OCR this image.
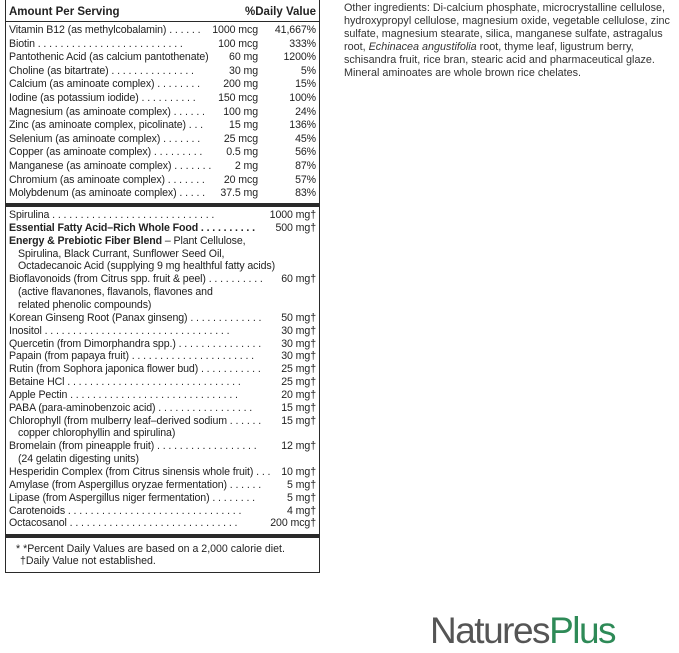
Amount Per Serving	%Daily Value
Vitamin B12 (as methylcobalamin) . . . . . . 1000 mcg 41,667%
Biotin . . . . . . . . . . . . . . . . . . . . . . . . . .	100 mcg	333%
Pantothenic Acid (as calcium pantothenate) 60 mg 1200%
Choline (as bitartrate) . . . . . . . . . . . . . . .	30 mg	5%
Calcium (as aminoate complex) . . . . . . . . 200 mg	15%
Iodine (as potassium iodide) . . . . . . . . . . 150 mcg	100%
Magnesium (as aminoate complex) . . . . . . 100 mg	24%
Zinc (as aminoate complex, picolinate) . . . 15 mg	136%
Selenium (as aminoate complex) . . . . . . . 25 mcg	45%
Copper (as aminoate complex) . . . . . . . . . 0.5 mg	56%
Manganese (as aminoate complex) . . . . . . . 2 mg	87%
Chromium (as aminoate complex) . . . . . . . 20 mcg	57%
Molybdenum (as aminoate complex) . . . . . 37.5 mg	83%
Spirulina . . . . . . . . . . . . . . . . . . . . . . . . . . . . .	1000 mg†
Essential Fatty Acid–Rich Whole Food . . . . . . . . . . 500 mg†
Energy & Prebiotic Fiber Blend – Plant Cellulose,
Spirulina, Black Currant, Sunflower Seed Oil,
Octadecanoic Acid (supplying 9 mg healthful fatty acids)
Bioflavonoids (from Citrus spp. fruit & peel) . . . . . . . . . . 60 mg†
(active flavanones, flavanols, flavones and
related phenolic compounds)
Korean Ginseng Root (Panax ginseng) . . . . . . . . . . . . . 50 mg†
Inositol . . . . . . . . . . . . . . . . . . . . . . . . . . . . . . . . .	30 mg†
Quercetin (from Dimorphandra spp.) . . . . . . . . . . . . . . . 30 mg†
Papain (from papaya fruit) . . . . . . . . . . . . . . . . . . . . . .	30 mg†
Rutin (from Sophora japonica flower bud) . . . . . . . . . . . 25 mg†
Betaine HCl . . . . . . . . . . . . . . . . . . . . . . . . . . . . . . .	25 mg†
Apple Pectin . . . . . . . . . . . . . . . . . . . . . . . . . . . . . .	20 mg†
PABA (para-aminobenzoic acid) . . . . . . . . . . . . . . . . .	15 mg†
Chlorophyll (from mulberry leaf–derived sodium . . . . . . 15 mg†
copper chlorophyllin and spirulina)
Bromelain (from pineapple fruit) . . . . . . . . . . . . . . . . . . 12 mg†
(24 gelatin digesting units)
Hesperidin Complex (from Citrus sinensis whole fruit) . . . 10 mg†
Amylase (from Aspergillus oryzae fermentation) . . . . . . 5 mg†
Lipase (from Aspergillus niger fermentation) . . . . . . . .	5 mg†
Carotenoids . . . . . . . . . . . . . . . . . . . . . . . . . . . . . . .	4 mg†
Octacosanol . . . . . . . . . . . . . . . . . . . . . . . . . . . . . .	200 mcg†
* *Percent Daily Values are based on a 2,000 calorie diet.
†Daily Value not established.
Other ingredients: Di-calcium phosphate, microcrystalline cellulose, hydroxypropyl cellulose, magnesium oxide, vegetable cellulose, zinc sulfate, magnesium stearate, silica, manganese sulfate, astragalus root, Echinacea angustifolia root, thyme leaf, ligustrum berry, schisandra fruit, rice bran, stearic acid and pharmaceutical glaze. Mineral aminoates are whole brown rice chelates.
NaturesPlus
